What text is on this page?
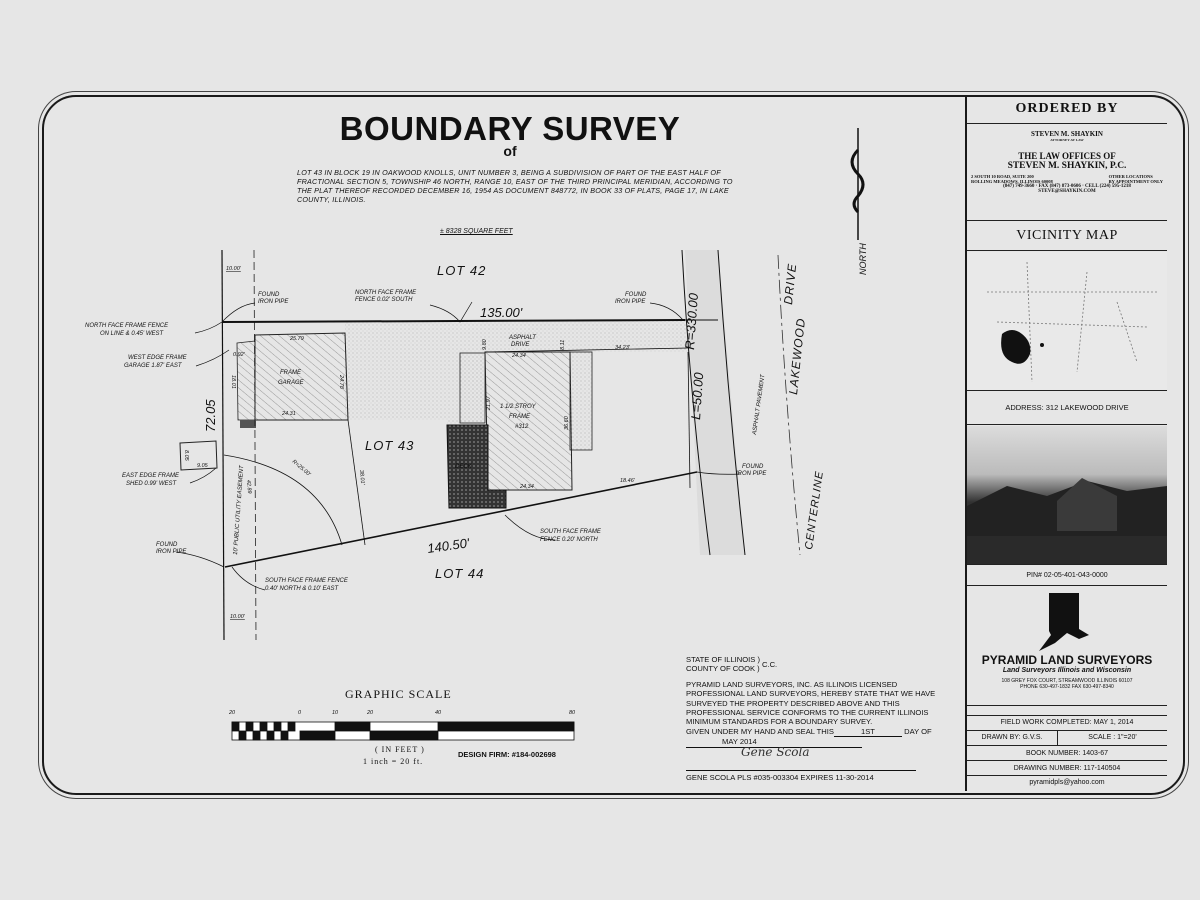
BOUNDARY SURVEY
of
LOT 43 IN BLOCK 19 IN OAKWOOD KNOLLS, UNIT NUMBER 3, BEING A SUBDIVISION OF PART OF THE EAST HALF OF FRACTIONAL SECTION 5, TOWNSHIP 46 NORTH, RANGE 10, EAST OF THE THIRD PRINCIPAL MERIDIAN, ACCORDING TO THE PLAT THEREOF RECORDED DECEMBER 16, 1954 AS DOCUMENT 848772, IN BOOK 33 OF PLATS, PAGE 17, IN LAKE COUNTY, ILLINOIS.
± 8328 SQUARE FEET
NORTH
LOT 42
LOT 43
LOT 44
135.00'
140.50'
72.05	L=50.00
R=330.00
10.00'
10.00'
25.79
24.31
24.78
18.01
0.92'	24.34
24.34
21.97
36.60
9.80	8.11	34.23'
18.46'
38.01'
42.89
R=25.00'
9.05
8.05
FRAME
GARAGE
1 1/2 STROY
FRAME
#312
ASPHALT
DRIVE
DECK
ASPHALT PAVEMENT
LAKEWOOD
DRIVE
CENTERLINE
10' PUBLIC UTILITY EASEMENT
FOUND
IRON PIPE
NORTH FACE FRAME
FENCE 0.02' SOUTH
FOUND
IRON PIPE
NORTH FACE FRAME FENCE
ON LINE & 0.45' WEST
WEST EDGE FRAME
GARAGE 1.87' EAST
EAST EDGE FRAME
SHED 0.99' WEST
FOUND
IRON PIPE
FOUND
IRON PIPE
SOUTH FACE FRAME
FENCE 0.20' NORTH
SOUTH FACE FRAME FENCE
0.40' NORTH & 0.10' EAST
20	0	10	20	40	80
GRAPHIC SCALE
( IN FEET )
1 inch = 20 ft.
DESIGN FIRM: #184-002698
STATE OF ILLINOIS )
COUNTY OF COOK )
C.C.
PYRAMID LAND SURVEYORS, INC. AS ILLINOIS LICENSED
PROFESSIONAL LAND SURVEYORS, HEREBY STATE THAT WE HAVE
SURVEYED THE PROPERTY DESCRIBED ABOVE AND THIS
PROFESSIONAL SERVICE CONFORMS TO THE CURRENT ILLINOIS
MINIMUM STANDARDS FOR A BOUNDARY SURVEY.
GIVEN UNDER MY HAND AND SEAL THIS	1ST	DAY OF
MAY 2014
Gene Scola
GENE SCOLA PLS #035-003304 EXPIRES 11-30-2014
ORDERED BY
STEVEN M. SHAYKIN
ATTORNEY AT LAW
THE LAW OFFICES OF
STEVEN M. SHAYKIN, P.C.
2 SOUTH 10 ROAD, SUITE 200
ROLLING MEADOWS, ILLINOIS 60008
OTHER LOCATIONS
BY APPOINTMENT ONLY
(847) 749-3660 · FAX (847) 873-0606 · CELL (224) 595-1218
STEVE@SHAYKIN.COM
VICINITY MAP
ADDRESS: 312 LAKEWOOD DRIVE
PIN# 02-05-401-043-0000
PYRAMID LAND SURVEYORS
Land Surveyors Illinois and Wisconsin
108 GREY FOX COURT, STREAMWOOD ILLINOIS 60107
PHONE 630-497-1832 FAX 630-497-8340
FIELD WORK COMPLETED: MAY 1, 2014
DRAWN BY: G.V.S.	SCALE : 1"=20'
BOOK NUMBER: 1403-67
DRAWING NUMBER: 117-140504
pyramidpls@yahoo.com
